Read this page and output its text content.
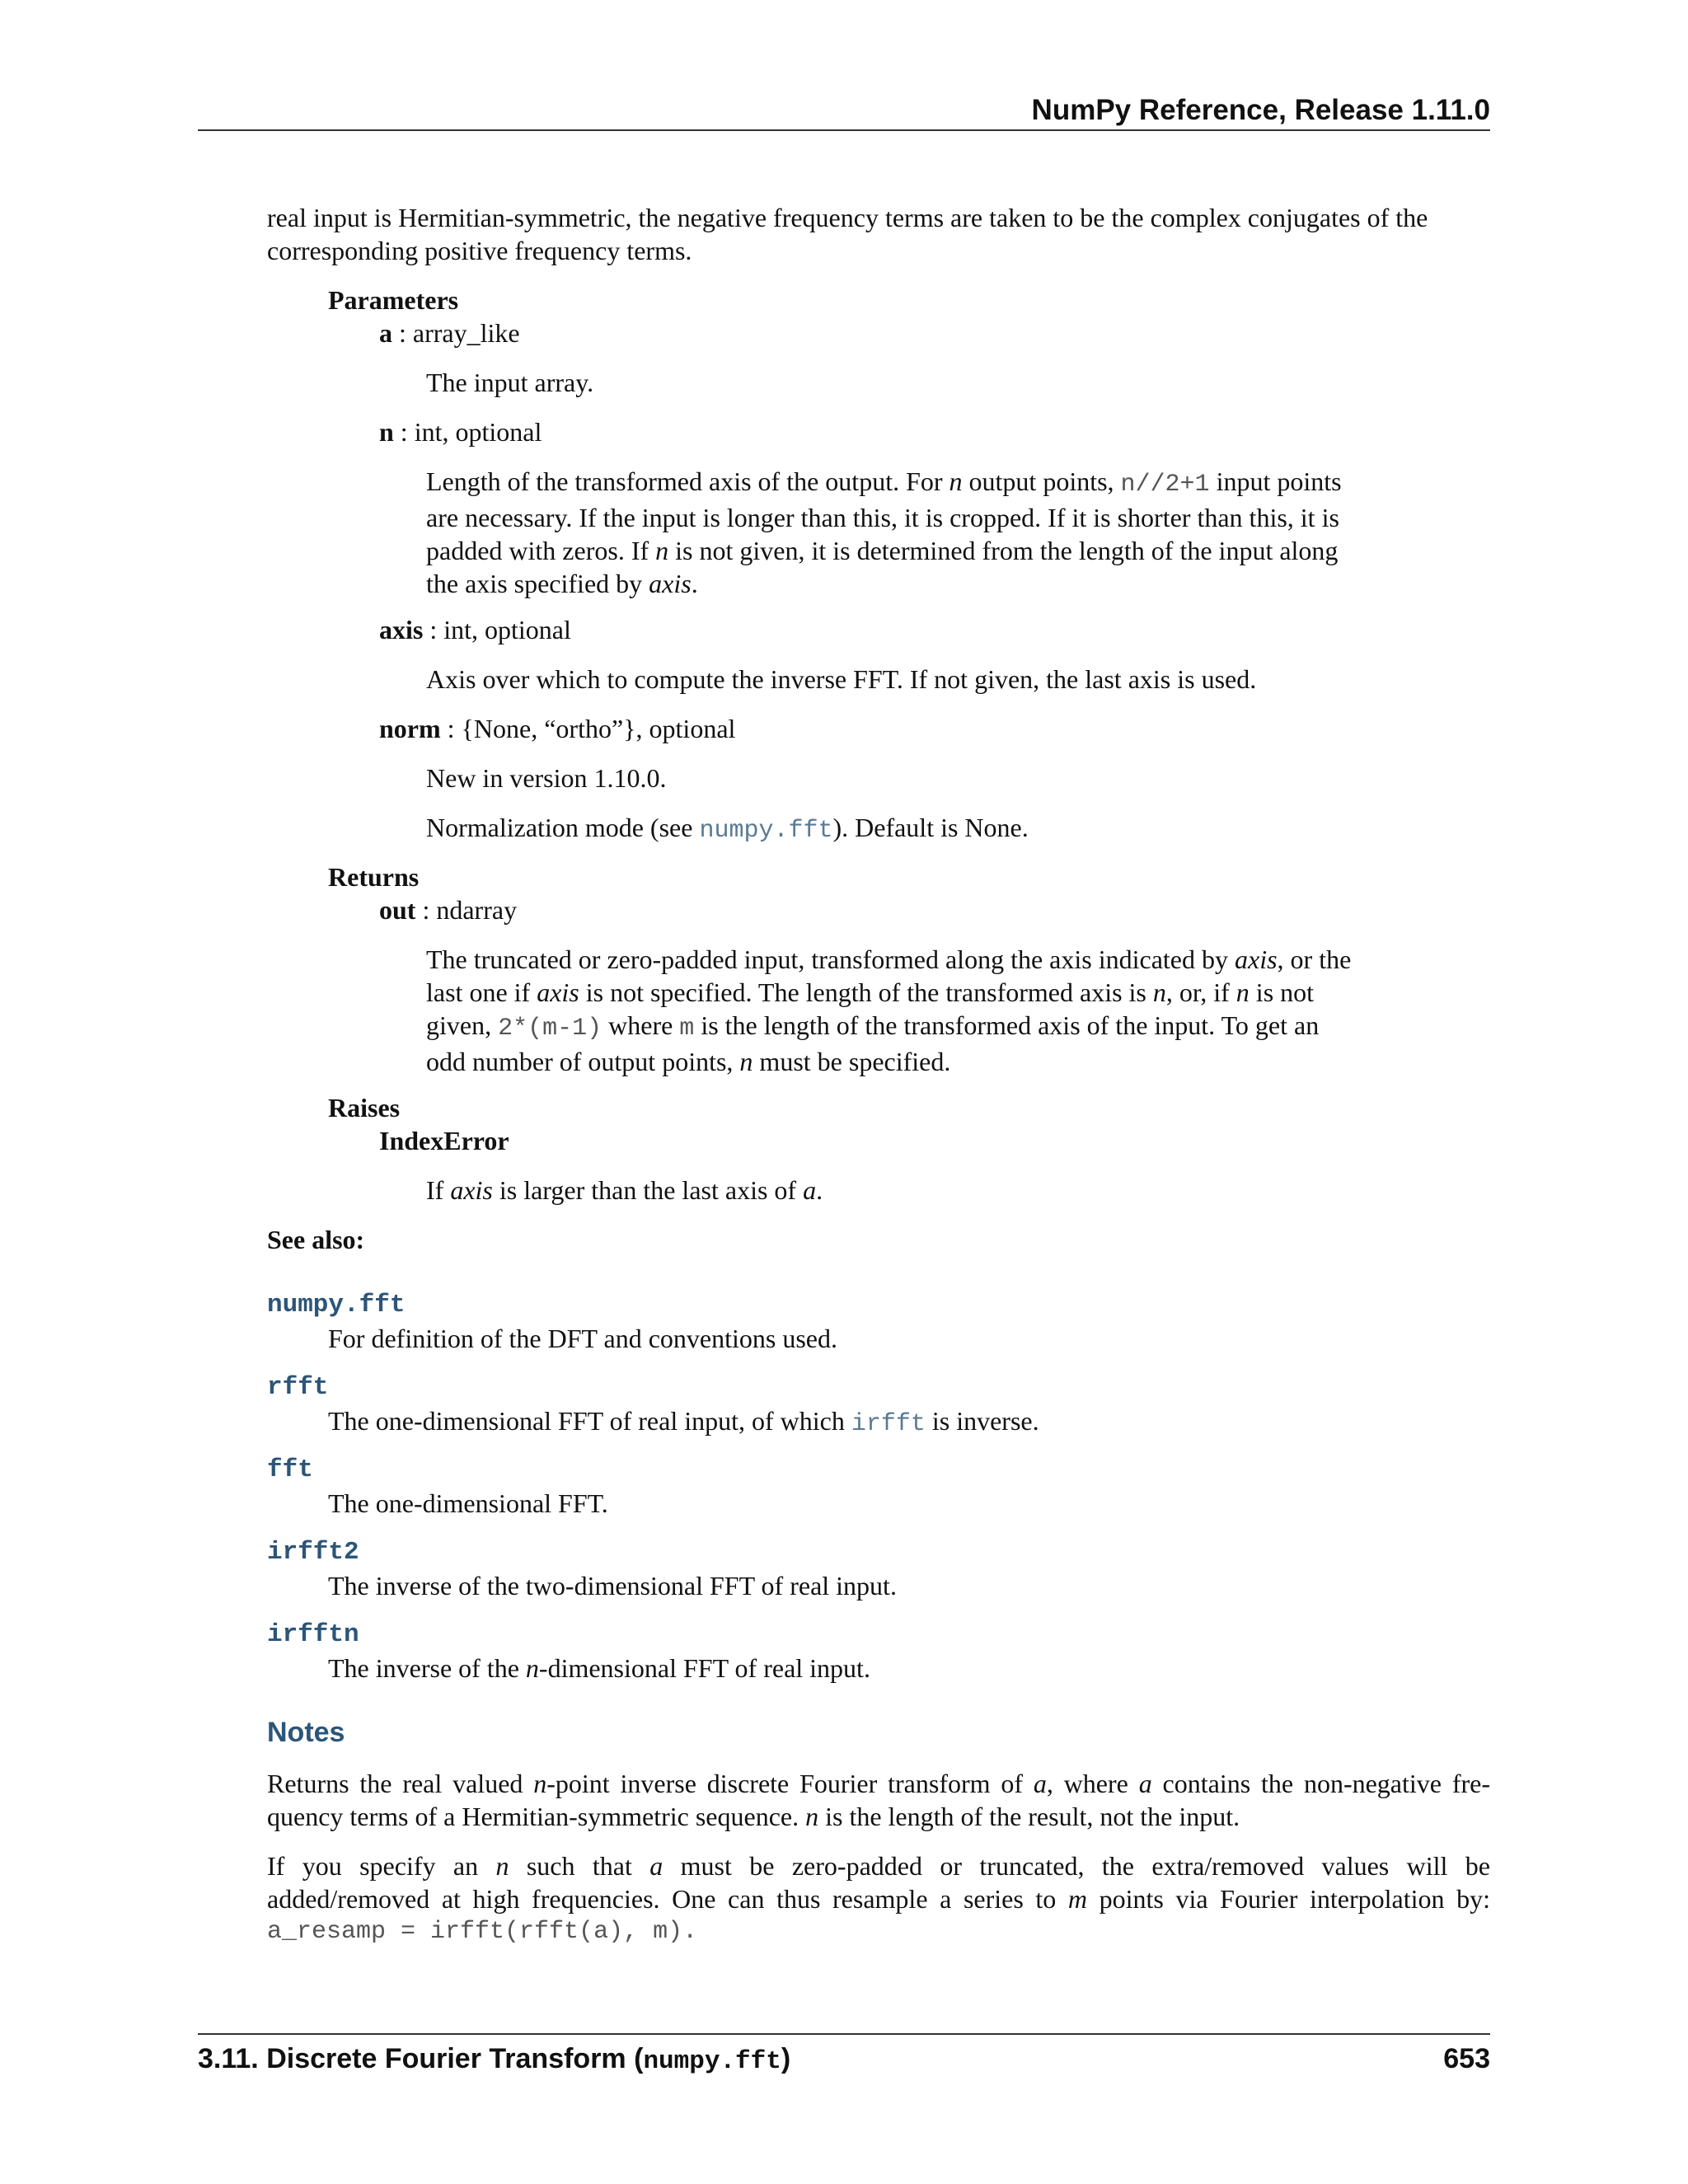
NumPy Reference, Release 1.11.0
real input is Hermitian-symmetric, the negative frequency terms are taken to be the complex conjugates of the
corresponding positive frequency terms.
Parameters
a : array_like
The input array.
n : int, optional
Length of the transformed axis of the output. For n output points, n//2+1 input points
are necessary. If the input is longer than this, it is cropped. If it is shorter than this, it is
padded with zeros. If n is not given, it is determined from the length of the input along
the axis specified by axis.
axis : int, optional
Axis over which to compute the inverse FFT. If not given, the last axis is used.
norm : {None, “ortho”}, optional
New in version 1.10.0.
Normalization mode (see numpy.fft). Default is None.
Returns
out : ndarray
The truncated or zero-padded input, transformed along the axis indicated by axis, or the
last one if axis is not specified. The length of the transformed axis is n, or, if n is not
given, 2*(m-1) where m is the length of the transformed axis of the input. To get an
odd number of output points, n must be specified.
Raises
IndexError
If axis is larger than the last axis of a.
See also:
numpy.fft
For definition of the DFT and conventions used.
rfft
The one-dimensional FFT of real input, of which irfft is inverse.
fft
The one-dimensional FFT.
irfft2
The inverse of the two-dimensional FFT of real input.
irfftn
The inverse of the n-dimensional FFT of real input.
Notes
Returns the real valued n-point inverse discrete Fourier transform of a, where a contains the non-negative fre-
quency terms of a Hermitian-symmetric sequence. n is the length of the result, not the input.
If you specify an n such that a must be zero-padded or truncated, the extra/removed values will be
added/removed at high frequencies. One can thus resample a series to m points via Fourier interpolation by:
a_resamp = irfft(rfft(a), m).
3.11. Discrete Fourier Transform (numpy.fft)	653
